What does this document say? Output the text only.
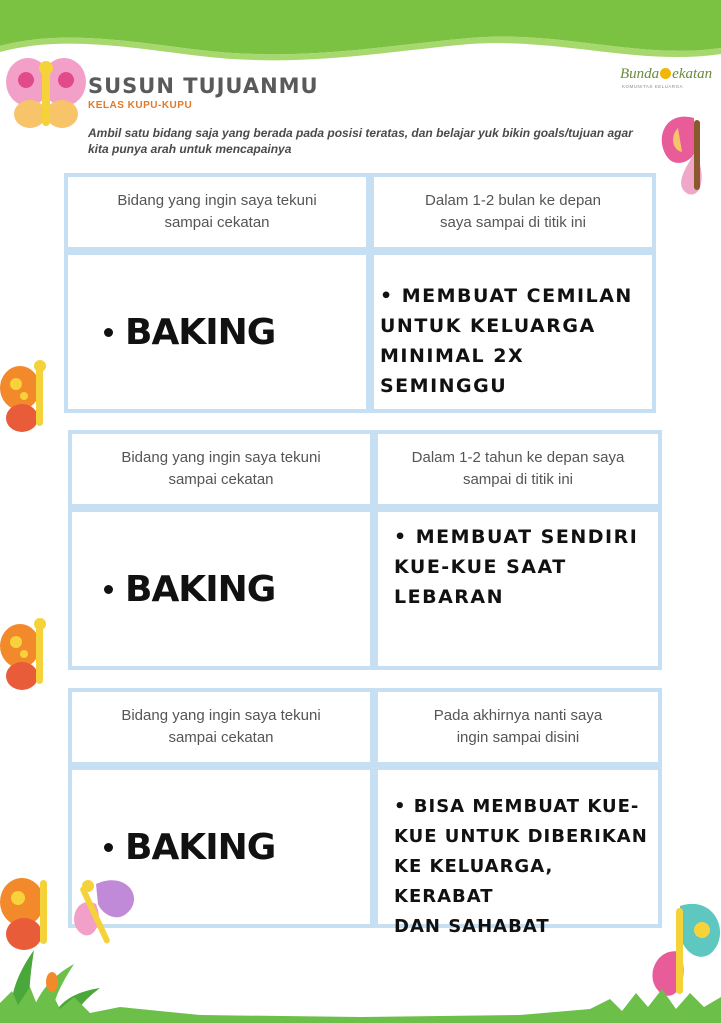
SUSUN TUJUANMU
KELAS KUPU-KUPU
Bunda ekatan
KOMUNITAS KELUARGA
Ambil satu bidang saja yang berada pada posisi teratas, dan belajar yuk bikin goals/tujuan agar kita punya arah untuk mencapainya
Bidang yang ingin saya tekuni sampai cekatan
Dalam 1-2 bulan ke depan saya sampai di titik ini
BAKING
• MEMBUAT CEMILAN
UNTUK KELUARGA
MINIMAL 2X SEMINGGU
Bidang yang ingin saya tekuni sampai cekatan
Dalam 1-2 tahun ke depan saya sampai di titik ini
BAKING
• MEMBUAT SENDIRI
KUE-KUE SAAT
LEBARAN
Bidang yang ingin saya tekuni sampai cekatan
Pada akhirnya nanti saya ingin sampai disini
BAKING
• BISA MEMBUAT KUE-
KUE UNTUK DIBERIKAN
KE KELUARGA, KERABAT
DAN SAHABAT
